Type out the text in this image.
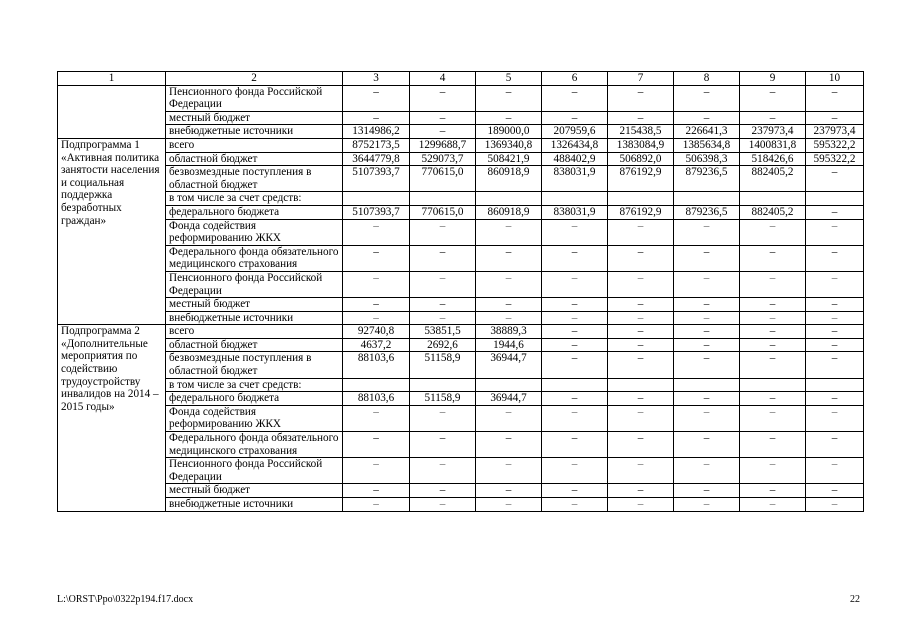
1	2	3	4	5	6	7	8	9	10
	Пенсионного фонда Российской Федерации	–	–	–	–	–	–	–	–
	местный бюджет	–	–	–	–	–	–	–	–
	внебюджетные источники	1314986,2	–	189000,0	207959,6	215438,5	226641,3	237973,4	237973,4
Подпрограмма 1 «Активная политика занятости населения и социальная поддержка безработных граждан»	всего	8752173,5	1299688,7	1369340,8	1326434,8	1383084,9	1385634,8	1400831,8	595322,2
	областной бюджет	3644779,8	529073,7	508421,9	488402,9	506892,0	506398,3	518426,6	595322,2
	безвозмездные поступления в областной бюджет	5107393,7	770615,0	860918,9	838031,9	876192,9	879236,5	882405,2	–
	в том числе за счет средств:								
	федерального бюджета	5107393,7	770615,0	860918,9	838031,9	876192,9	879236,5	882405,2	–
	Фонда содействия реформированию ЖКХ	–	–	–	–	–	–	–	–
	Федерального фонда обязательного медицинского страхования	–	–	–	–	–	–	–	–
	Пенсионного фонда Российской Федерации	–	–	–	–	–	–	–	–
	местный бюджет	–	–	–	–	–	–	–	–
	внебюджетные источники	–	–	–	–	–	–	–	–
Подпрограмма 2 «Дополнительные мероприятия по содействию трудоустройству инвалидов на 2014 – 2015 годы»	всего	92740,8	53851,5	38889,3	–	–	–	–	–
	областной бюджет	4637,2	2692,6	1944,6	–	–	–	–	–
	безвозмездные поступления в областной бюджет	88103,6	51158,9	36944,7	–	–	–	–	–
	в том числе за счет средств:								
	федерального бюджета	88103,6	51158,9	36944,7	–	–	–	–	–
	Фонда содействия реформированию ЖКХ	–	–	–	–	–	–	–	–
	Федерального фонда обязательного медицинского страхования	–	–	–	–	–	–	–	–
	Пенсионного фонда Российской Федерации	–	–	–	–	–	–	–	–
	местный бюджет	–	–	–	–	–	–	–	–
	внебюджетные источники	–	–	–	–	–	–	–	–
L:\ORST\Ppo\0322p194.f17.docx	22
